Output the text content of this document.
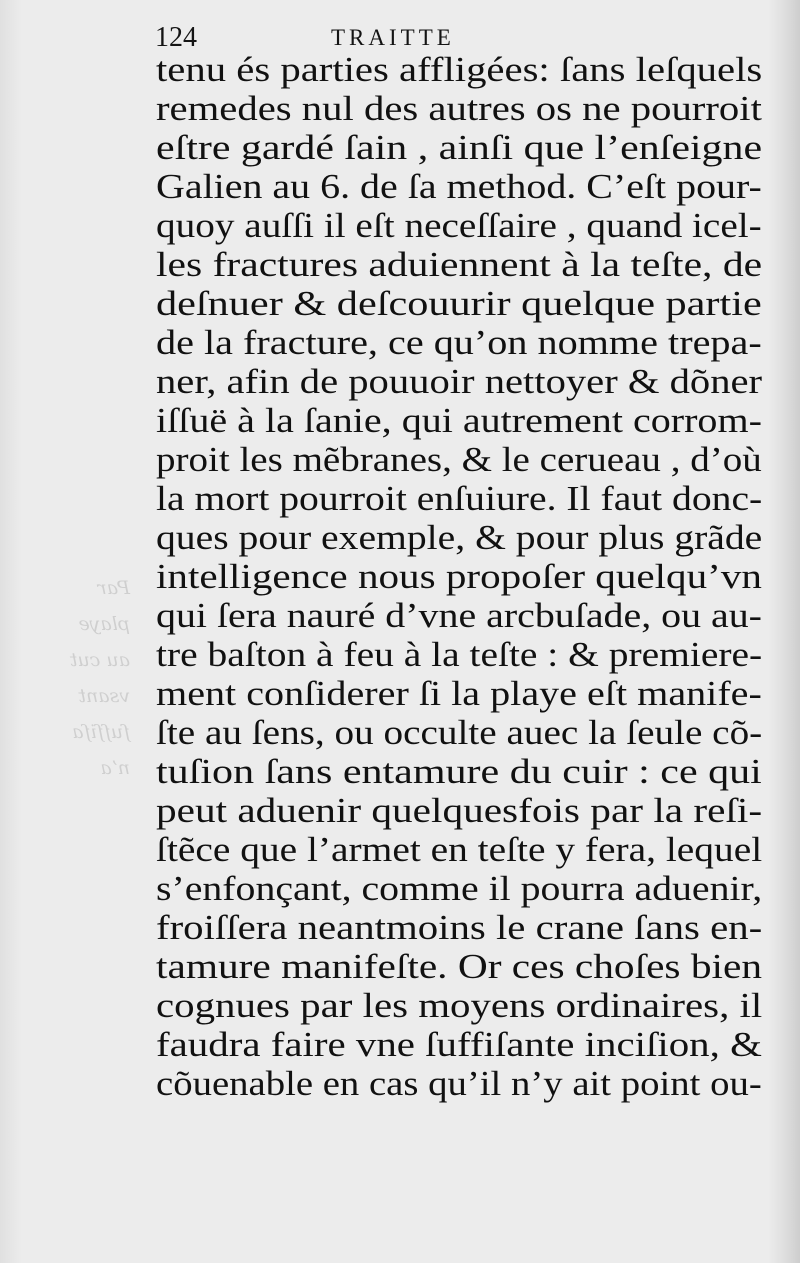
Par
playe
au cut
vsant
ſuſſiſa
n’a
124	TRAITTE
tenu és parties affligées: ſans leſquels
remedes nul des autres os ne pourroit
eſtre gardé ſain , ainſi que l’enſeigne
Galien au 6. de ſa method. C’eſt pour-
quoy auſſi il eſt neceſſaire , quand icel-
les fractures aduiennent à la teſte, de
deſnuer & deſcouurir quelque partie
de la fracture, ce qu’on nomme trepa-
ner, afin de pouuoir nettoyer & dõner
iſſuë à la ſanie, qui autrement corrom-
proit les mẽbranes, & le cerueau , d’où
la mort pourroit enſuiure. Il faut donc-
ques pour exemple, & pour plus grãde
intelligence nous propoſer quelqu’vn
qui ſera nauré d’vne arcbuſade, ou au-
tre baſton à feu à la teſte : & premiere-
ment conſiderer ſi la playe eſt manife-
ſte au ſens, ou occulte auec la ſeule cõ-
tuſion ſans entamure du cuir : ce qui
peut aduenir quelquesfois par la reſi-
ſtẽce que l’armet en teſte y fera, lequel
s’enfonçant, comme il pourra aduenir,
froiſſera neantmoins le crane ſans en-
tamure manifeſte. Or ces choſes bien
cognues par les moyens ordinaires, il
faudra faire vne ſuffiſante inciſion, &
cõuenable en cas qu’il n’y ait point ou-
